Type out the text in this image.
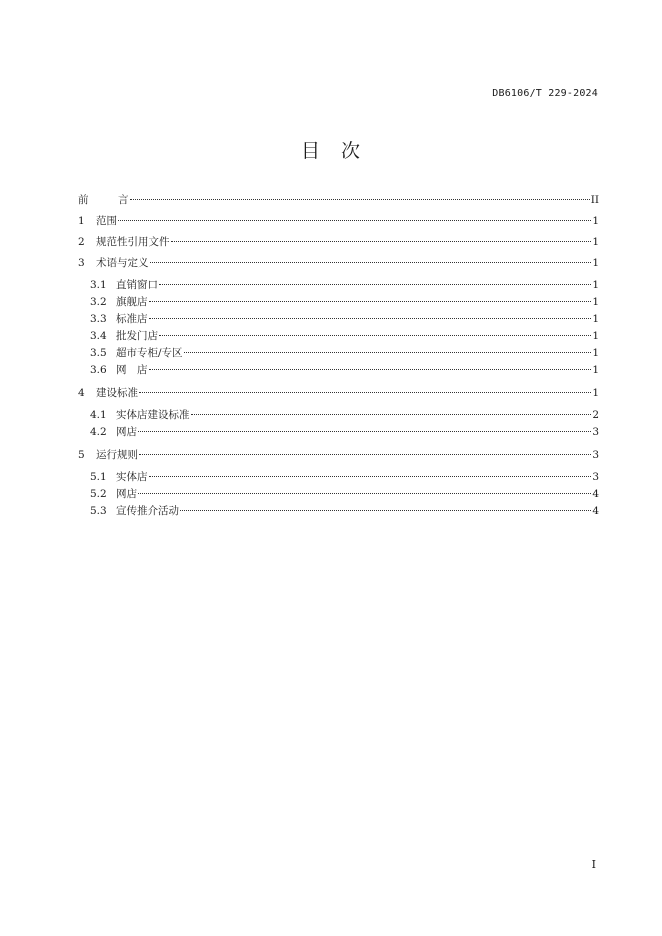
DB6106/T 229-2024
目　次
前	言	II
1	范围	1
2	规范性引用文件	1
3	术语与定义	1
3.1 直销窗口	1
3.2 旗舰店	1
3.3 标准店	1
3.4 批发门店	1
3.5 超市专柜/专区	1
3.6 网　店	1
4	建设标准	1
4.1 实体店建设标准	2
4.2 网店	3
5	运行规则	3
5.1 实体店	3
5.2 网店	4
5.3 宣传推介活动	4
I
